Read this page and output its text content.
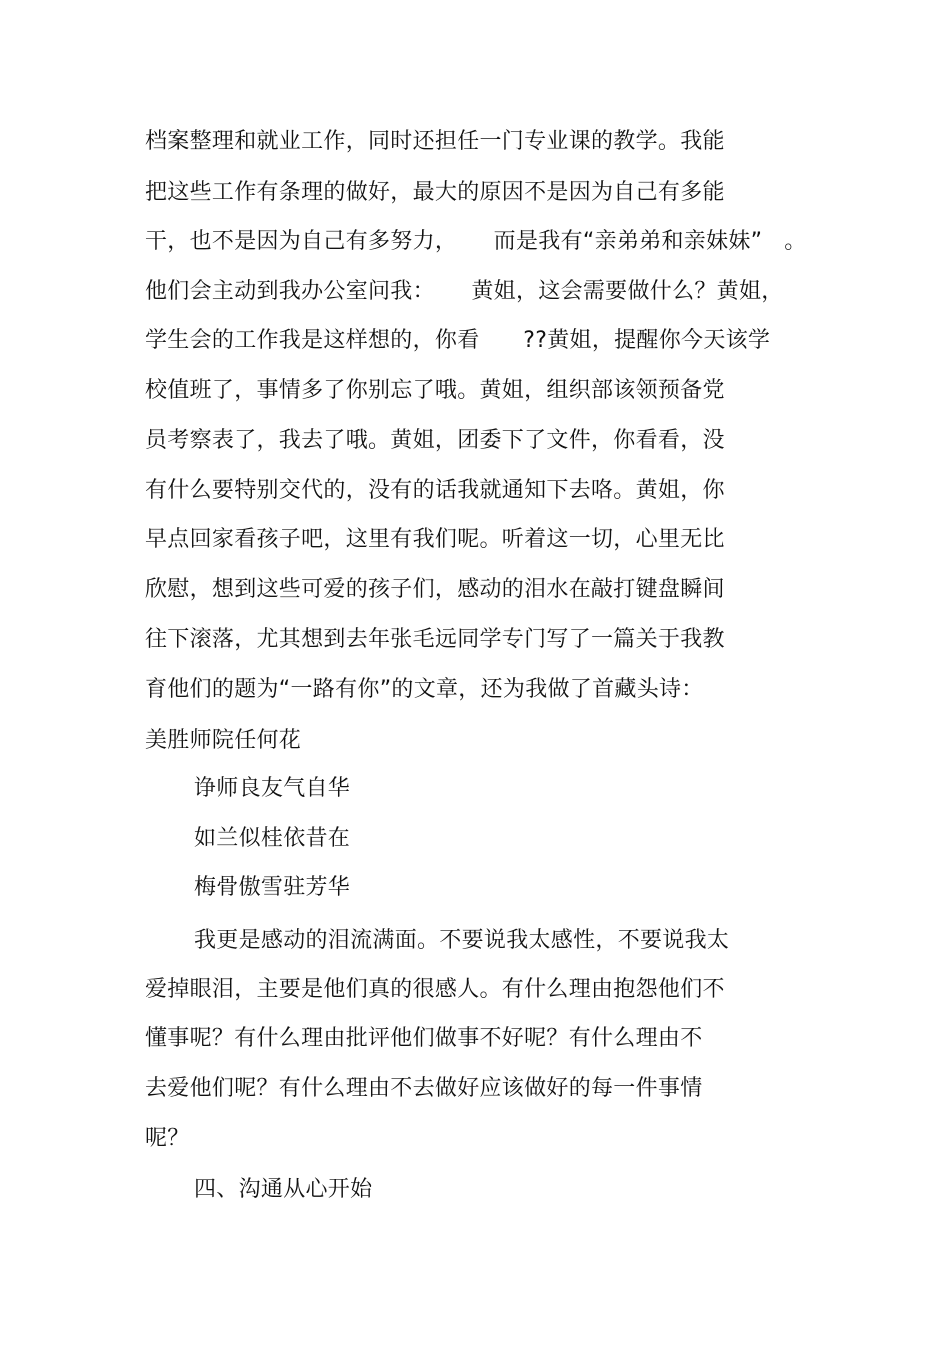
档案整理和就业工作，同时还担任一门专业课的教学。我能

把这些工作有条理的做好，最大的原因不是因为自己有多能

干，也不是因为自己有多努力，     而是我有“亲弟弟和亲妹妹”   。

他们会主动到我办公室问我：     黄姐，这会需要做什么？黄姐，

学生会的工作我是这样想的，你看      ??黄姐，提醒你今天该学

校值班了，事情多了你别忘了哦。黄姐，组织部该领预备党

员考察表了，我去了哦。黄姐，团委下了文件，你看看，没

有什么要特别交代的，没有的话我就通知下去咯。黄姐，你

早点回家看孩子吧，这里有我们呢。听着这一切，心里无比

欣慰，想到这些可爱的孩子们，感动的泪水在敲打键盘瞬间

往下滚落，尤其想到去年张毛远同学专门写了一篇关于我教

育他们的题为“一路有你”的文章，还为我做了首藏头诗：

美胜师院任何花

诤师良友气自华

如兰似桂依昔在

梅骨傲雪驻芳华

我更是感动的泪流满面。不要说我太感性，不要说我太

爱掉眼泪，主要是他们真的很感人。有什么理由抱怨他们不

懂事呢？有什么理由批评他们做事不好呢？有什么理由不

去爱他们呢？有什么理由不去做好应该做好的每一件事情

呢？

四、沟通从心开始
